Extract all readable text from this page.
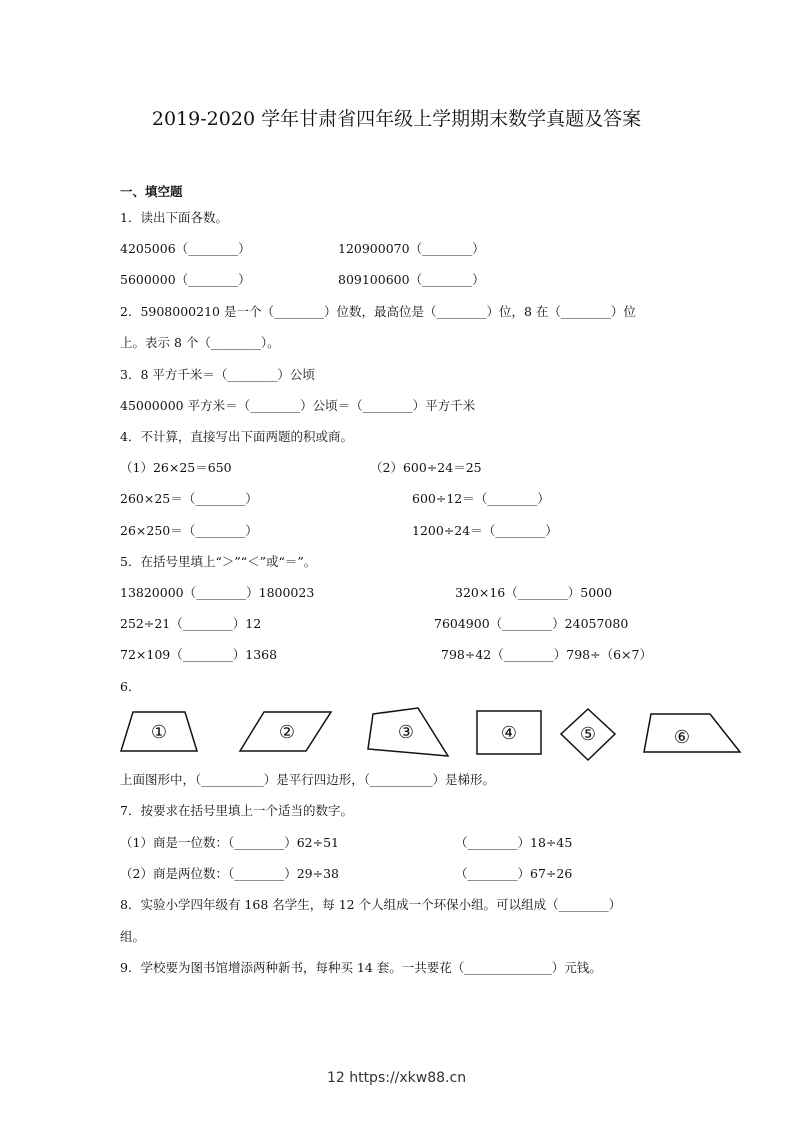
2019-2020 学年甘肃省四年级上学期期末数学真题及答案
一、填空题
1．读出下面各数。
4205006（________）	120900070（________）
5600000（________）	809100600（________）
2．5908000210 是一个（________）位数，最高位是（________）位，8 在（________）位
上。表示 8 个（________）。
3．8 平方千米＝（________）公顷
45000000 平方米＝（________）公顷＝（________）平方千米
4．不计算，直接写出下面两题的积或商。
（1）26×25＝650	（2）600÷24＝25
260×25＝（________）	600÷12＝（________）
26×250＝（________）	1200÷24＝（________）
5．在括号里填上“＞”“＜”或“＝”。
13820000（________）1800023	320×16（________）5000
252÷21（________）12	7604900（________）24057080
72×109（________）1368	798÷42（________）798÷（6×7）
6．
①	②	③	④	⑤	⑥
上面图形中，（__________）是平行四边形，（__________）是梯形。
7．按要求在括号里填上一个适当的数字。
（1）商是一位数：（________）62÷51	（________）18÷45
（2）商是两位数：（________）29÷38	（________）67÷26
8．实验小学四年级有 168 名学生，每 12 个人组成一个环保小组。可以组成（________）
组。
9．学校要为图书馆增添两种新书，每种买 14 套。一共要花（______________）元钱。
12 https://xkw88.cn
